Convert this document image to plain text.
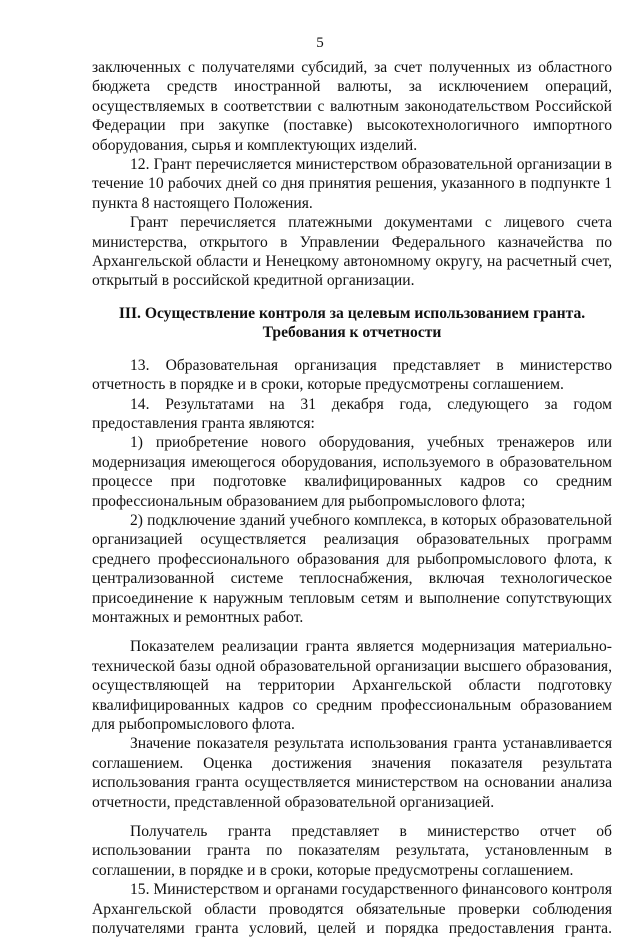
5

заключенных с получателями субсидий, за счет полученных из областного бюджета средств иностранной валюты, за исключением операций, осуществляемых в соответствии с валютным законодательством Российской Федерации при закупке (поставке) высокотехнологичного импортного оборудования, сырья и комплектующих изделий.

12. Грант перечисляется министерством образовательной организации в течение 10 рабочих дней со дня принятия решения, указанного в подпункте 1 пункта 8 настоящего Положения.

Грант перечисляется платежными документами с лицевого счета министерства, открытого в Управлении Федерального казначейства по Архангельской области и Ненецкому автономному округу, на расчетный счет, открытый в российской кредитной организации.

III. Осуществление контроля за целевым использованием гранта.
Требования к отчетности

13. Образовательная организация представляет в министерство отчетность в порядке и в сроки, которые предусмотрены соглашением.

14. Результатами на 31 декабря года, следующего за годом предоставления гранта являются:

1) приобретение нового оборудования, учебных тренажеров или модернизация имеющегося оборудования, используемого в образовательном процессе при подготовке квалифицированных кадров со средним профессиональным образованием для рыбопромыслового флота;

2) подключение зданий учебного комплекса, в которых образовательной организацией осуществляется реализация образовательных программ среднего профессионального образования для рыбопромыслового флота, к централизованной системе теплоснабжения, включая технологическое присоединение к наружным тепловым сетям и выполнение сопутствующих монтажных и ремонтных работ.

Показателем реализации гранта является модернизация материально-технической базы одной образовательной организации высшего образования, осуществляющей на территории Архангельской области подготовку квалифицированных кадров со средним профессиональным образованием для рыбопромыслового флота.

Значение показателя результата использования гранта устанавливается соглашением. Оценка достижения значения показателя результата использования гранта осуществляется министерством на основании анализа отчетности, представленной образовательной организацией.

Получатель гранта представляет в министерство отчет об использовании гранта по показателям результата, установленным в соглашении, в порядке и в сроки, которые предусмотрены соглашением.

15. Министерством и органами государственного финансового контроля Архангельской области проводятся обязательные проверки соблюдения получателями гранта условий, целей и порядка предоставления гранта.
